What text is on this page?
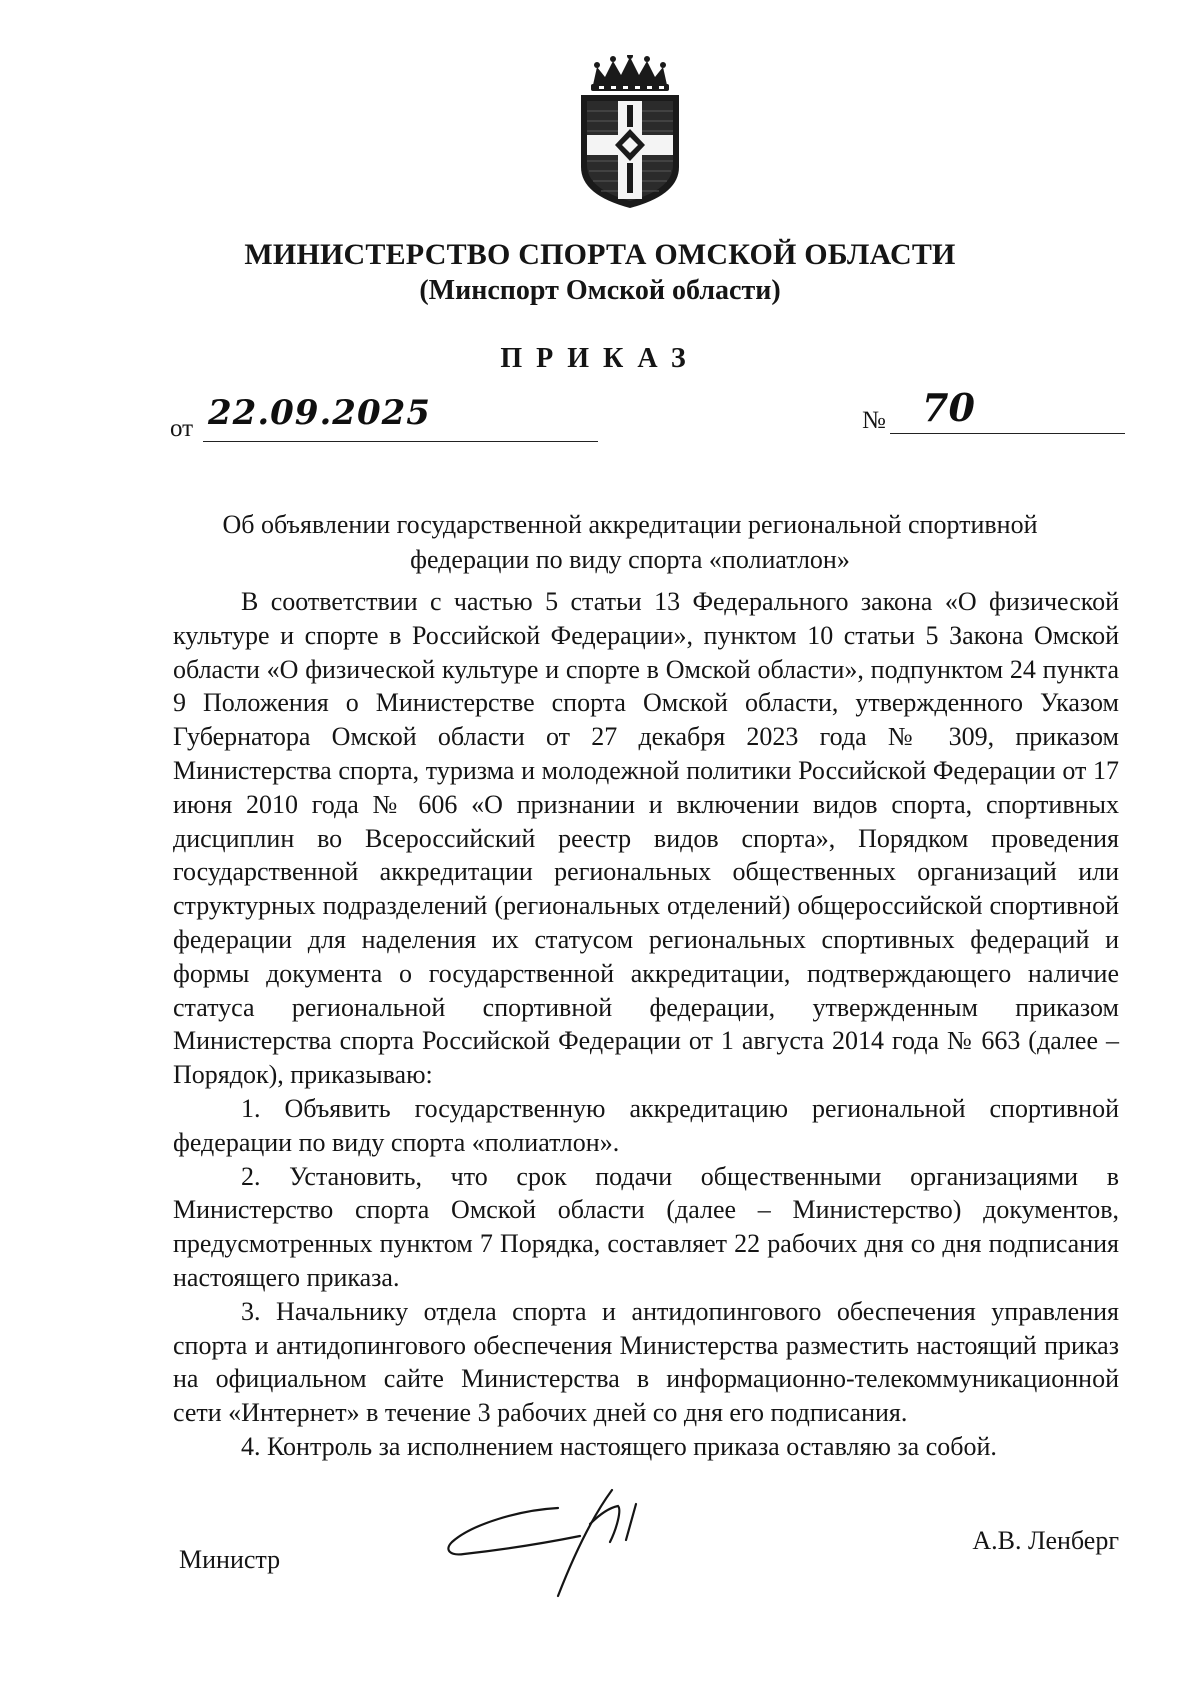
МИНИСТЕРСТВО СПОРТА ОМСКОЙ ОБЛАСТИ
(Минспорт Омской области)
ПРИКАЗ
от 22.09.2025	№ 70

Об объявлении государственной аккредитации региональной спортивной федерации по виду спорта «полиатлон»

В соответствии с частью 5 статьи 13 Федерального закона «О физической культуре и спорте в Российской Федерации», пунктом 10 статьи 5 Закона Омской области «О физической культуре и спорте в Омской области», подпунктом 24 пункта 9 Положения о Министерстве спорта Омской области, утвержденного Указом Губернатора Омской области от 27 декабря 2023 года № 309, приказом Министерства спорта, туризма и молодежной политики Российской Федерации от 17 июня 2010 года № 606 «О признании и включении видов спорта, спортивных дисциплин во Всероссийский реестр видов спорта», Порядком проведения государственной аккредитации региональных общественных организаций или структурных подразделений (региональных отделений) общероссийской спортивной федерации для наделения их статусом региональных спортивных федераций и формы документа о государственной аккредитации, подтверждающего наличие статуса региональной спортивной федерации, утвержденным приказом Министерства спорта Российской Федерации от 1 августа 2014 года № 663 (далее – Порядок), приказываю:

1. Объявить государственную аккредитацию региональной спортивной федерации по виду спорта «полиатлон».

2. Установить, что срок подачи общественными организациями в Министерство спорта Омской области (далее – Министерство) документов, предусмотренных пунктом 7 Порядка, составляет 22 рабочих дня со дня подписания настоящего приказа.

3. Начальнику отдела спорта и антидопингового обеспечения управления спорта и антидопингового обеспечения Министерства разместить настоящий приказ на официальном сайте Министерства в информационно-телекоммуникационной сети «Интернет» в течение 3 рабочих дней со дня его подписания.

4. Контроль за исполнением настоящего приказа оставляю за собой.

Министр
А.В. Ленберг
